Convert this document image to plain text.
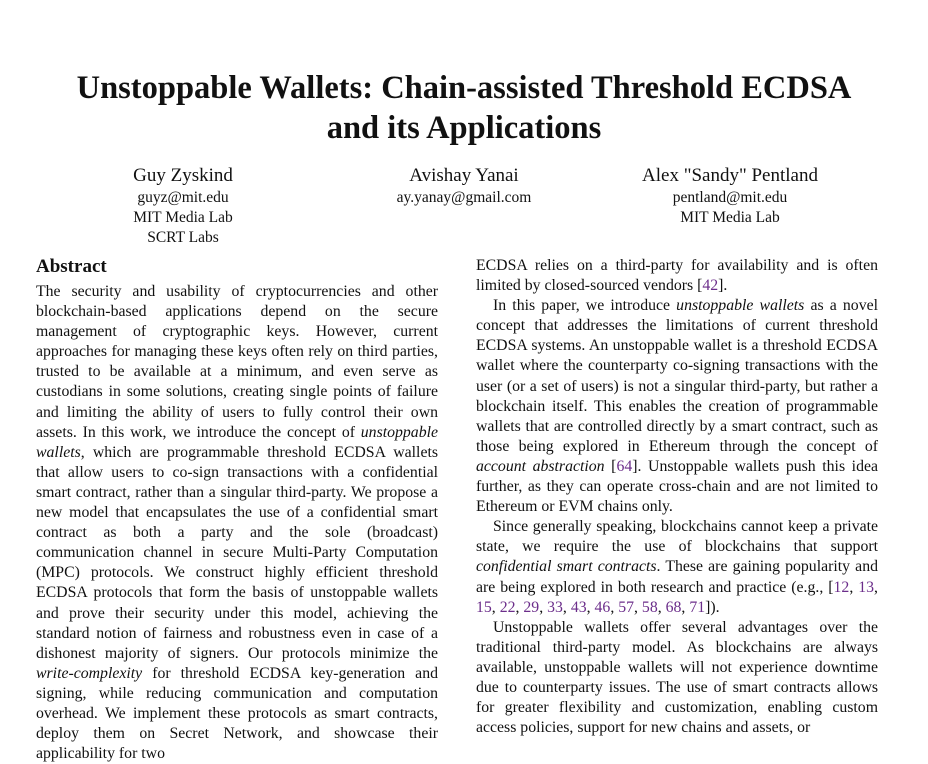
Unstoppable Wallets: Chain-assisted Threshold ECDSA and its Applications
Guy Zyskind
guyz@mit.edu
MIT Media Lab
SCRT Labs
Avishay Yanai
ay.yanay@gmail.com
Alex "Sandy" Pentland
pentland@mit.edu
MIT Media Lab
Abstract

The security and usability of cryptocurrencies and other blockchain-based applications depend on the secure management of cryptographic keys. However, current approaches for managing these keys often rely on third parties, trusted to be available at a minimum, and even serve as custodians in some solutions, creating single points of failure and limiting the ability of users to fully control their own assets. In this work, we introduce the concept of unstoppable wallets, which are programmable threshold ECDSA wallets that allow users to co-sign transactions with a confidential smart contract, rather than a singular third-party. We propose a new model that encapsulates the use of a confidential smart contract as both a party and the sole (broadcast) communication channel in secure Multi-Party Computation (MPC) protocols. We construct highly efficient threshold ECDSA protocols that form the basis of unstoppable wallets and prove their security under this model, achieving the standard notion of fairness and robustness even in case of a dishonest majority of signers. Our protocols minimize the write-complexity for threshold ECDSA key-generation and signing, while reducing communication and computation overhead. We implement these protocols as smart contracts, deploy them on Secret Network, and showcase their applicability for two

ECDSA relies on a third-party for availability and is often limited by closed-sourced vendors [42].

In this paper, we introduce unstoppable wallets as a novel concept that addresses the limitations of current threshold ECDSA systems. An unstoppable wallet is a threshold ECDSA wallet where the counterparty co-signing transactions with the user (or a set of users) is not a singular third-party, but rather a blockchain itself. This enables the creation of programmable wallets that are controlled directly by a smart contract, such as those being explored in Ethereum through the concept of account abstraction [64]. Unstoppable wallets push this idea further, as they can operate cross-chain and are not limited to Ethereum or EVM chains only.

Since generally speaking, blockchains cannot keep a private state, we require the use of blockchains that support confidential smart contracts. These are gaining popularity and are being explored in both research and practice (e.g., [12, 13, 15, 22, 29, 33, 43, 46, 57, 58, 68, 71]).

Unstoppable wallets offer several advantages over the traditional third-party model. As blockchains are always available, unstoppable wallets will not experience downtime due to counterparty issues. The use of smart contracts allows for greater flexibility and customization, enabling custom access policies, support for new chains and assets, or
